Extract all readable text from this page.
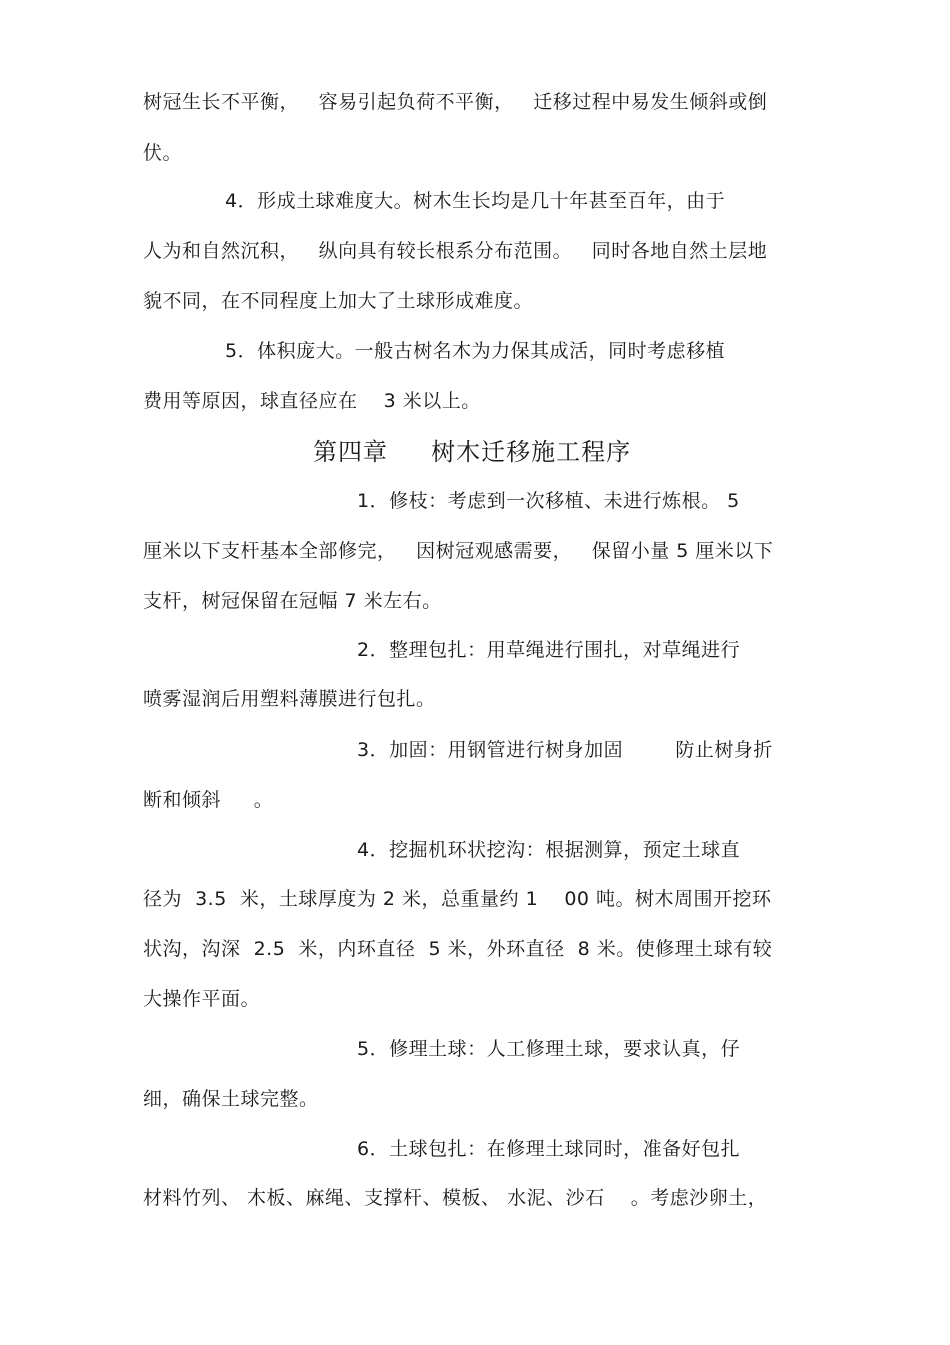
树冠生长不平衡，   容易引起负荷不平衡，   迁移过程中易发生倾斜或倒
伏。
4．形成土球难度大。树木生长均是几十年甚至百年，由于
人为和自然沉积，   纵向具有较长根系分布范围。   同时各地自然土层地
貌不同，在不同程度上加大了土球形成难度。
5．体积庞大。一般古树名木为力保其成活，同时考虑移植
费用等原因，球直径应在    3 米以上。
第四章     树木迁移施工程序
1．修枝：考虑到一次移植、未进行炼根。 5
厘米以下支杆基本全部修完，   因树冠观感需要，   保留小量 5 厘米以下
支杆，树冠保留在冠幅 7 米左右。
2．整理包扎：用草绳进行围扎，对草绳进行
喷雾湿润后用塑料薄膜进行包扎。
3．加固：用钢管进行树身加固        防止树身折
断和倾斜     。
4．挖掘机环状挖沟：根据测算，预定土球直
径为  3.5  米，土球厚度为 2 米，总重量约 1    00 吨。树木周围开挖环
状沟，沟深  2.5  米，内环直径  5 米，外环直径  8 米。使修理土球有较
大操作平面。
5．修理土球：人工修理土球，要求认真，仔
细，确保土球完整。
6．土球包扎：在修理土球同时，准备好包扎
材料竹列、 木板、麻绳、支撑杆、模板、 水泥、沙石    。考虑沙卵土，
